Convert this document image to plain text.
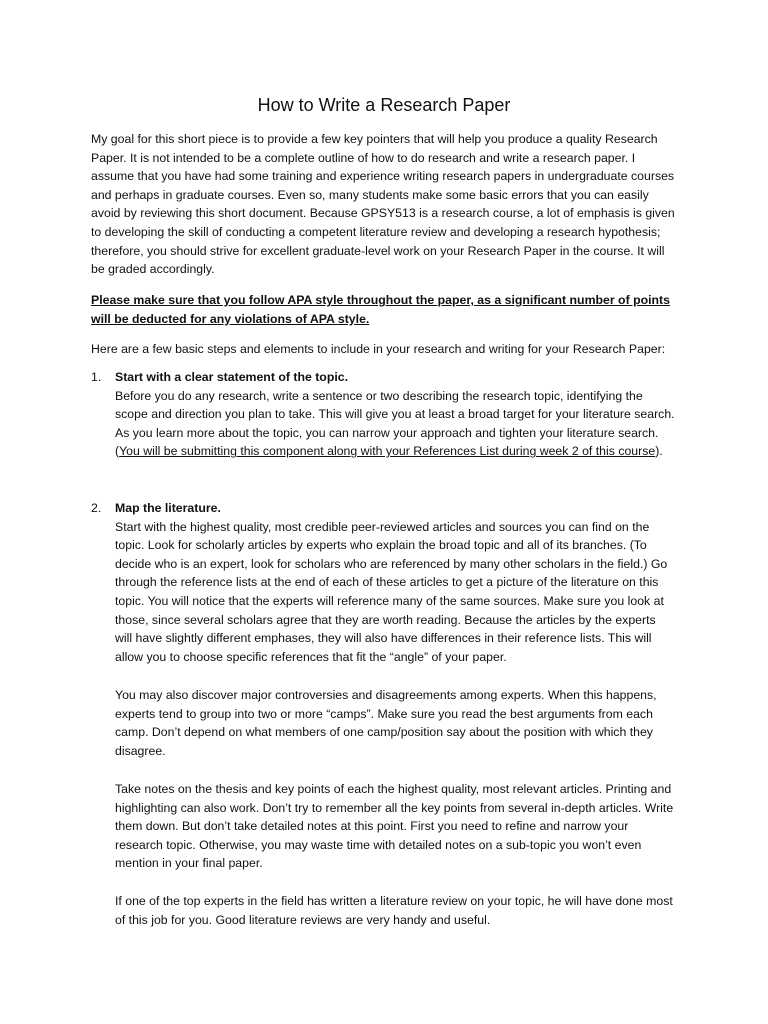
How to Write a Research Paper
My goal for this short piece is to provide a few key pointers that will help you produce a quality Research Paper. It is not intended to be a complete outline of how to do research and write a research paper. I assume that you have had some training and experience writing research papers in undergraduate courses and perhaps in graduate courses. Even so, many students make some basic errors that you can easily avoid by reviewing this short document. Because GPSY513 is a research course, a lot of emphasis is given to developing the skill of conducting a competent literature review and developing a research hypothesis; therefore, you should strive for excellent graduate-level work on your Research Paper in the course. It will be graded accordingly.
Please make sure that you follow APA style throughout the paper, as a significant number of points will be deducted for any violations of APA style.
Here are a few basic steps and elements to include in your research and writing for your Research Paper:
1. Start with a clear statement of the topic.
Before you do any research, write a sentence or two describing the research topic, identifying the scope and direction you plan to take. This will give you at least a broad target for your literature search. As you learn more about the topic, you can narrow your approach and tighten your literature search. (You will be submitting this component along with your References List during week 2 of this course).
2. Map the literature.
Start with the highest quality, most credible peer-reviewed articles and sources you can find on the topic. Look for scholarly articles by experts who explain the broad topic and all of its branches. (To decide who is an expert, look for scholars who are referenced by many other scholars in the field.) Go through the reference lists at the end of each of these articles to get a picture of the literature on this topic. You will notice that the experts will reference many of the same sources. Make sure you look at those, since several scholars agree that they are worth reading. Because the articles by the experts will have slightly different emphases, they will also have differences in their reference lists. This will allow you to choose specific references that fit the “angle” of your paper.
You may also discover major controversies and disagreements among experts. When this happens, experts tend to group into two or more “camps”. Make sure you read the best arguments from each camp. Don’t depend on what members of one camp/position say about the position with which they disagree.
Take notes on the thesis and key points of each the highest quality, most relevant articles. Printing and highlighting can also work. Don’t try to remember all the key points from several in-depth articles. Write them down. But don’t take detailed notes at this point. First you need to refine and narrow your research topic. Otherwise, you may waste time with detailed notes on a sub-topic you won’t even mention in your final paper.
If one of the top experts in the field has written a literature review on your topic, he will have done most of this job for you. Good literature reviews are very handy and useful.
